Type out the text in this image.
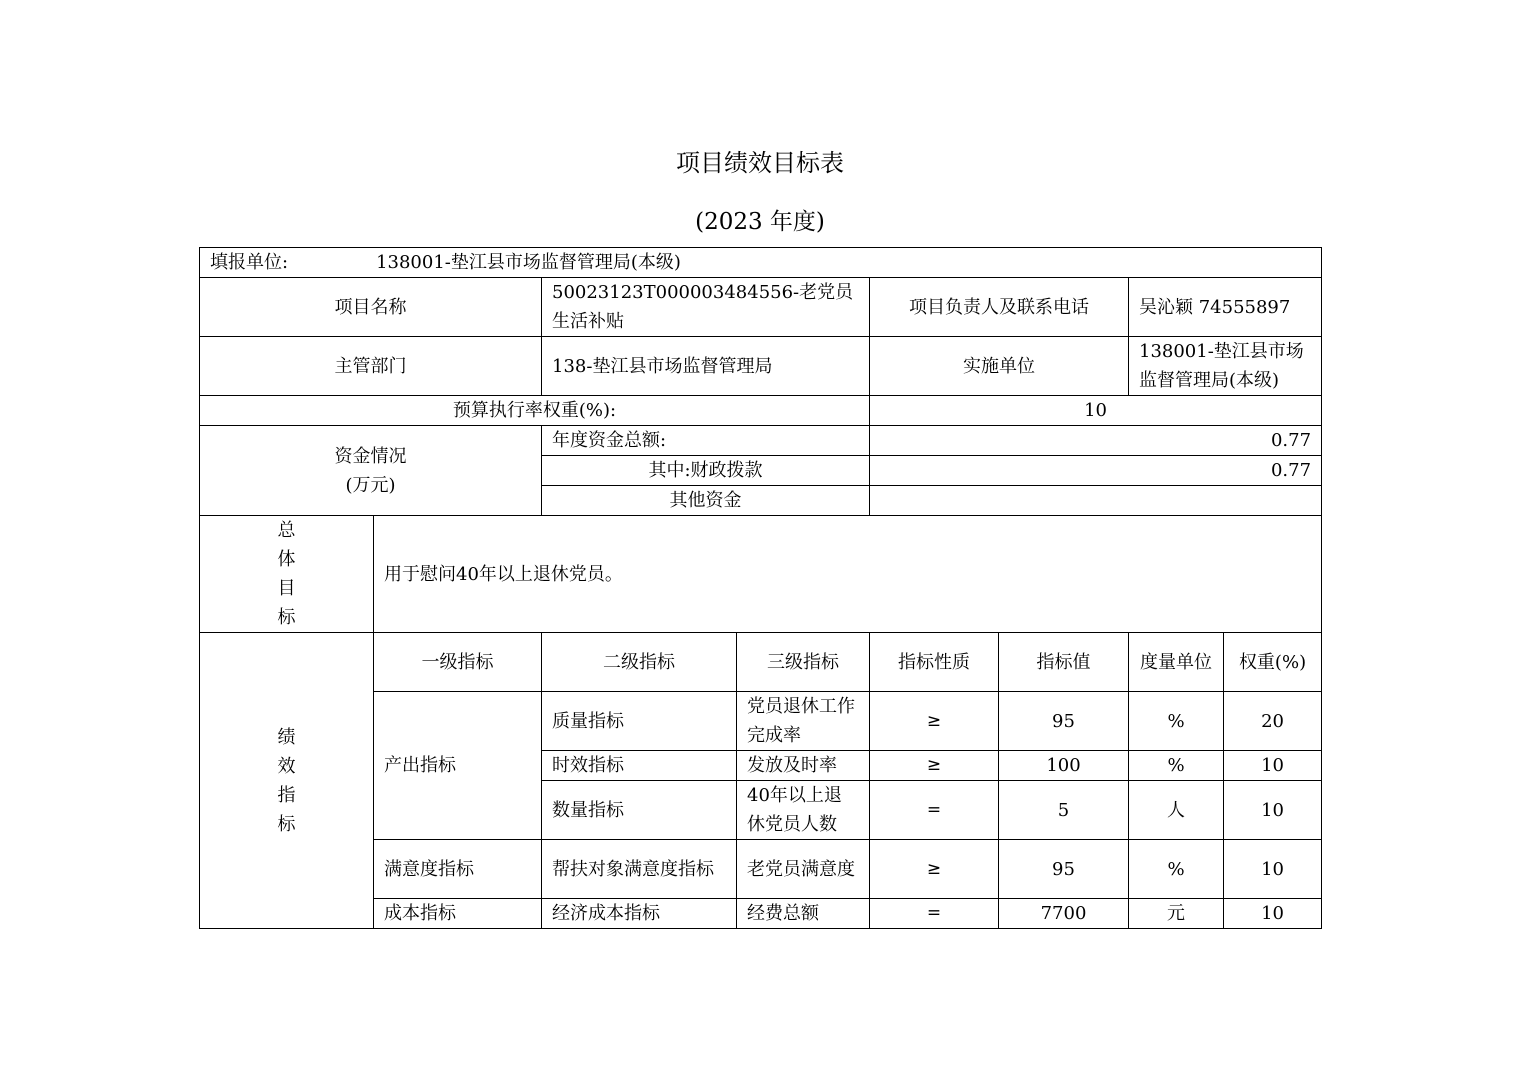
项目绩效目标表
(2023 年度)
填报单位: 138001-垫江县市场监督管理局(本级)							
项目名称		50023123T000003484556-老党员生活补贴		项目负责人及联系电话		吴沁颖 74555897	
主管部门		138-垫江县市场监督管理局		实施单位		138001-垫江县市场监督管理局(本级)	
预算执行率权重(%):				10			

资金情况
(万元)		年度资金总额:		0.77			
		其中:财政拨款		0.77			
		其他资金					

总
体
目
标	用于慰问40年以上退休党员。						

绩
效
指
标	一级指标	二级指标	三级指标	指标性质	指标值	度量单位	权重(%)
	产出指标	质量指标	党员退休工作完成率	≥	95	%	20
		时效指标	发放及时率	≥	100	%	10
		数量指标	40年以上退休党员人数	=	5	人	10
	满意度指标	帮扶对象满意度指标	老党员满意度	≥	95	%	10
	成本指标	经济成本指标	经费总额	=	7700	元	10
